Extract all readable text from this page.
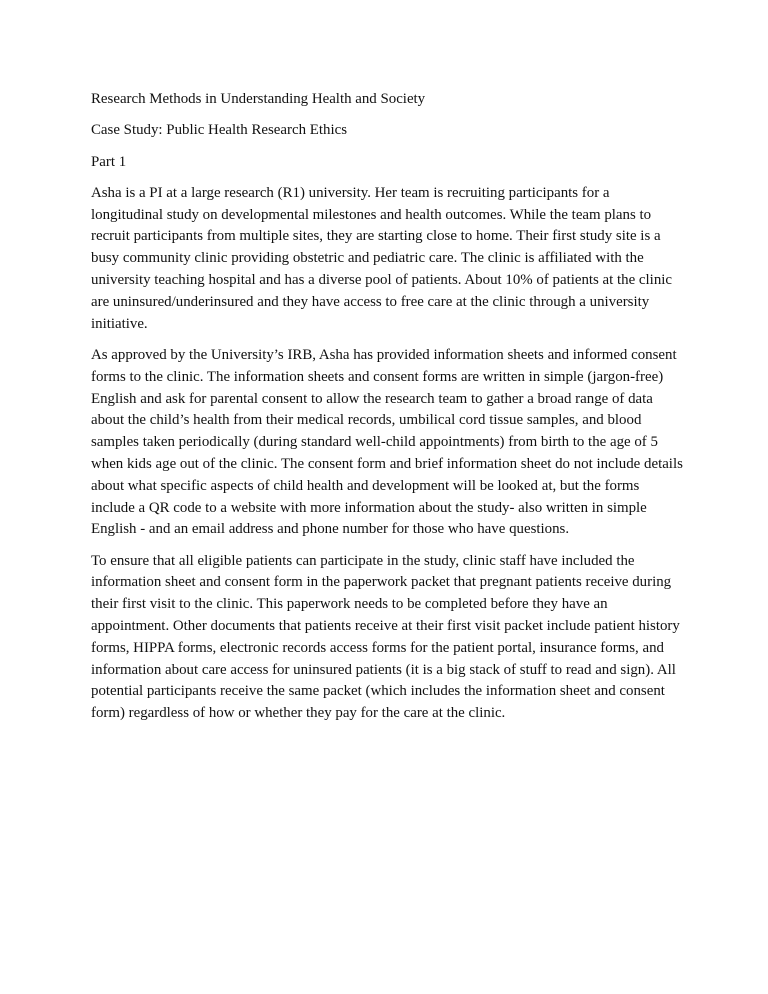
Research Methods in Understanding Health and Society

Case Study: Public Health Research Ethics

Part 1

Asha is a PI at a large research (R1) university. Her team is recruiting participants for a longitudinal study on developmental milestones and health outcomes. While the team plans to recruit participants from multiple sites, they are starting close to home. Their first study site is a busy community clinic providing obstetric and pediatric care. The clinic is affiliated with the university teaching hospital and has a diverse pool of patients. About 10% of patients at the clinic are uninsured/underinsured and they have access to free care at the clinic through a university initiative.

As approved by the University’s IRB, Asha has provided information sheets and informed consent forms to the clinic. The information sheets and consent forms are written in simple (jargon-free) English and ask for parental consent to allow the research team to gather a broad range of data about the child’s health from their medical records, umbilical cord tissue samples, and blood samples taken periodically (during standard well-child appointments) from birth to the age of 5 when kids age out of the clinic. The consent form and brief information sheet do not include details about what specific aspects of child health and development will be looked at, but the forms include a QR code to a website with more information about the study- also written in simple English - and an email address and phone number for those who have questions.

To ensure that all eligible patients can participate in the study, clinic staff have included the information sheet and consent form in the paperwork packet that pregnant patients receive during their first visit to the clinic. This paperwork needs to be completed before they have an appointment. Other documents that patients receive at their first visit packet include patient history forms, HIPPA forms, electronic records access forms for the patient portal, insurance forms, and information about care access for uninsured patients (it is a big stack of stuff to read and sign). All potential participants receive the same packet (which includes the information sheet and consent form) regardless of how or whether they pay for the care at the clinic.
